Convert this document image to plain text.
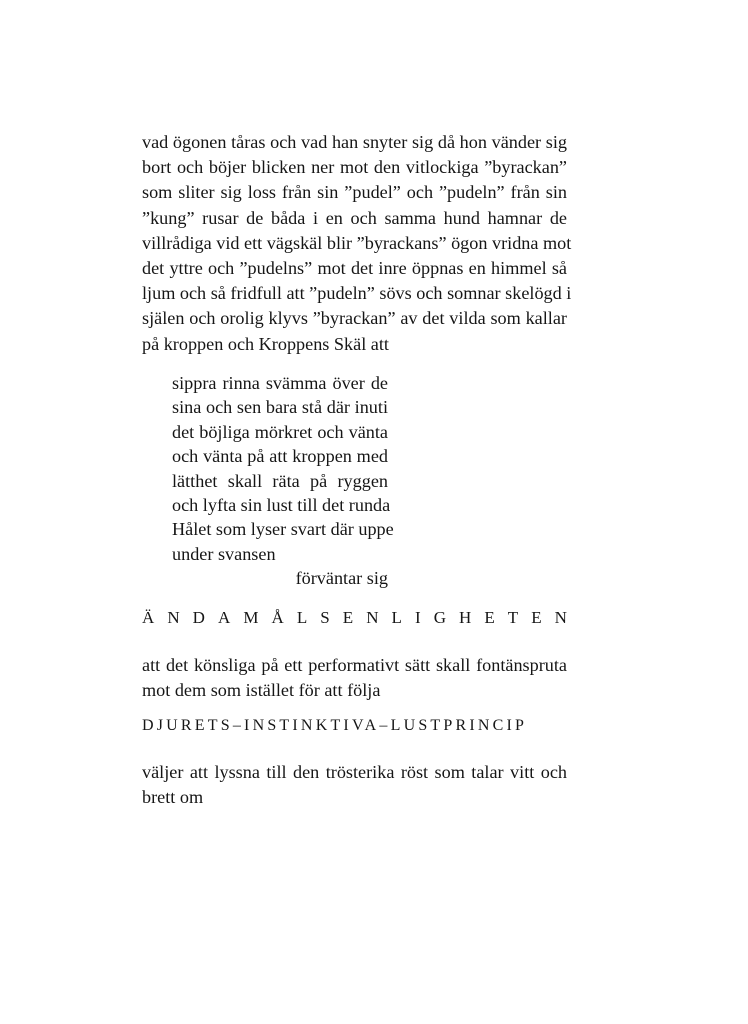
vad ögonen tåras och vad han snyter sig då hon vänder sig
bort och böjer blicken ner mot den vitlockiga ”byrackan”
som sliter sig loss från sin ”pudel” och ”pudeln” från sin
”kung” rusar de båda i en och samma hund hamnar de
villrådiga vid ett vägskäl blir ”byrackans” ögon vridna mot
det yttre och ”pudelns” mot det inre öppnas en himmel så
ljum och så fridfull att ”pudeln” sövs och somnar skelögd i
själen och orolig klyvs ”byrackan” av det vilda som kallar
på kroppen och Kroppens Skäl att
sippra rinna svämma över de
sina och sen bara stå där inuti
det böjliga mörkret och vänta
och vänta på att kroppen med
lätthet skall räta på ryggen
och lyfta sin lust till det runda
Hålet som lyser svart där uppe
under svansen
förväntar sig
Ä N D A M Å L S E N L I G H E T E N
att det könsliga på ett performativt sätt skall fontänspruta
mot dem som istället för att följa
DJURETS–INSTINKTIVA–LUSTPRINCIP
väljer att lyssna till den trösterika röst som talar vitt och
brett om
